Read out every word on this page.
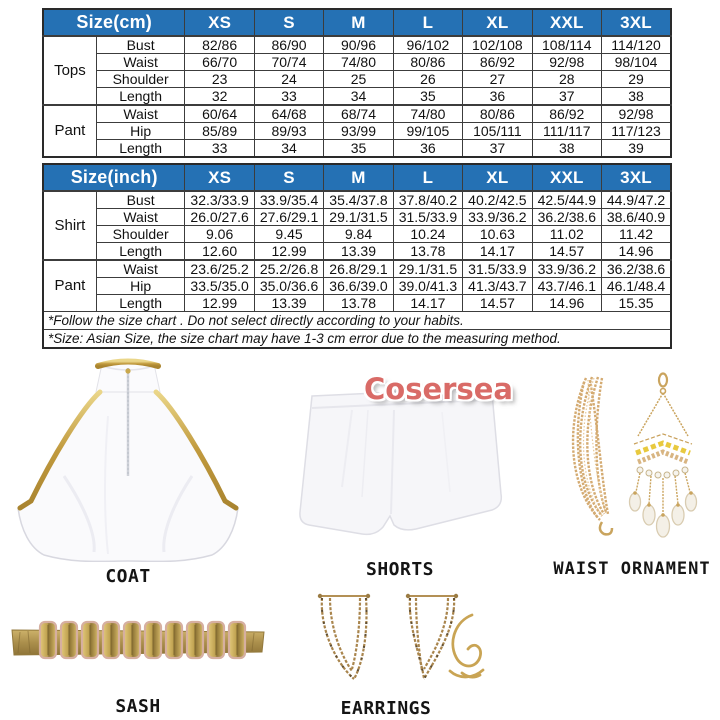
Size(cm)		XS	S	M	L	XL	XXL	3XL
Tops	Bust	82/86	86/90	90/96	96/102	102/108	108/114	114/120
	Waist	66/70	70/74	74/80	80/86	86/92	92/98	98/104
	Shoulder	23	24	25	26	27	28	29
	Length	32	33	34	35	36	37	38
Pant	Waist	60/64	64/68	68/74	74/80	80/86	86/92	92/98
	Hip	85/89	89/93	93/99	99/105	105/111	111/117	117/123
	Length	33	34	35	36	37	38	39
Size(inch)		XS	S	M	L	XL	XXL	3XL
Shirt	Bust	32.3/33.9	33.9/35.4	35.4/37.8	37.8/40.2	40.2/42.5	42.5/44.9	44.9/47.2
	Waist	26.0/27.6	27.6/29.1	29.1/31.5	31.5/33.9	33.9/36.2	36.2/38.6	38.6/40.9
	Shoulder	9.06	9.45	9.84	10.24	10.63	11.02	11.42
	Length	12.60	12.99	13.39	13.78	14.17	14.57	14.96
Pant	Waist	23.6/25.2	25.2/26.8	26.8/29.1	29.1/31.5	31.5/33.9	33.9/36.2	36.2/38.6
	Hip	33.5/35.0	35.0/36.6	36.6/39.0	39.0/41.3	41.3/43.7	43.7/46.1	46.1/48.4
	Length	12.99	13.39	13.78	14.17	14.57	14.96	15.35
*Follow the size chart . Do not select directly according to your habits.								
*Size: Asian Size, the size chart may have 1-3 cm error due to the measuring method.								
COAT	SHORTS	WAIST ORNAMENT
SASH	EARRINGS
Cosersea
